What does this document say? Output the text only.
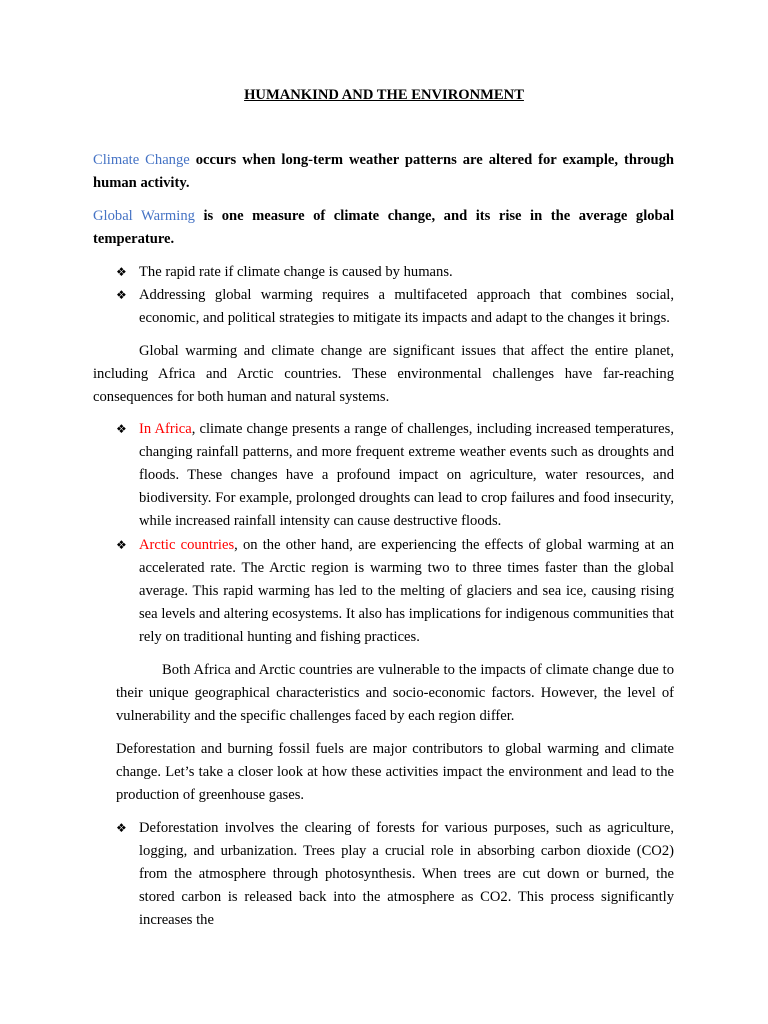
HUMANKIND AND THE ENVIRONMENT

Climate Change occurs when long-term weather patterns are altered for example, through human activity.

Global Warming is one measure of climate change, and its rise in the average global temperature.

❖ The rapid rate if climate change is caused by humans.

❖ Addressing global warming requires a multifaceted approach that combines social, economic, and political strategies to mitigate its impacts and adapt to the changes it brings.

Global warming and climate change are significant issues that affect the entire planet, including Africa and Arctic countries. These environmental challenges have far-reaching consequences for both human and natural systems.

❖ In Africa, climate change presents a range of challenges, including increased temperatures, changing rainfall patterns, and more frequent extreme weather events such as droughts and floods. These changes have a profound impact on agriculture, water resources, and biodiversity. For example, prolonged droughts can lead to crop failures and food insecurity, while increased rainfall intensity can cause destructive floods.

❖ Arctic countries, on the other hand, are experiencing the effects of global warming at an accelerated rate. The Arctic region is warming two to three times faster than the global average. This rapid warming has led to the melting of glaciers and sea ice, causing rising sea levels and altering ecosystems. It also has implications for indigenous communities that rely on traditional hunting and fishing practices.

Both Africa and Arctic countries are vulnerable to the impacts of climate change due to their unique geographical characteristics and socio-economic factors. However, the level of vulnerability and the specific challenges faced by each region differ.

Deforestation and burning fossil fuels are major contributors to global warming and climate change. Let’s take a closer look at how these activities impact the environment and lead to the production of greenhouse gases.

❖ Deforestation involves the clearing of forests for various purposes, such as agriculture, logging, and urbanization. Trees play a crucial role in absorbing carbon dioxide (CO2) from the atmosphere through photosynthesis. When trees are cut down or burned, the stored carbon is released back into the atmosphere as CO2. This process significantly increases the
